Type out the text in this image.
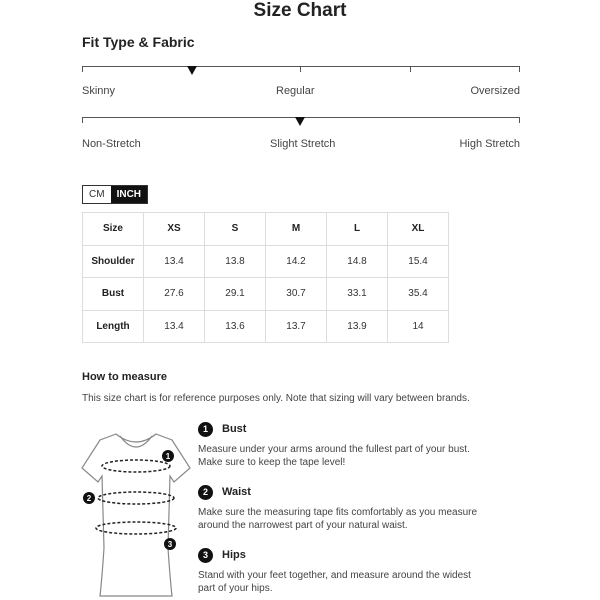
Size Chart
Fit Type & Fabric
Skinny	Regular	Oversized
Non-Stretch	Slight Stretch	High Stretch
CM	INCH
Size	XS	S	M	L	XL
Shoulder	13.4	13.8	14.2	14.8	15.4
Bust	27.6	29.1	30.7	33.1	35.4
Length	13.4	13.6	13.7	13.9	14
How to measure
This size chart is for reference purposes only. Note that sizing will vary between brands.
1
2
3
1	Bust
Measure under your arms around the fullest part of your bust. Make sure to keep the tape level!
2	Waist
Make sure the measuring tape fits comfortably as you measure around the narrowest part of your natural waist.
3	Hips
Stand with your feet together, and measure around the widest part of your hips.
